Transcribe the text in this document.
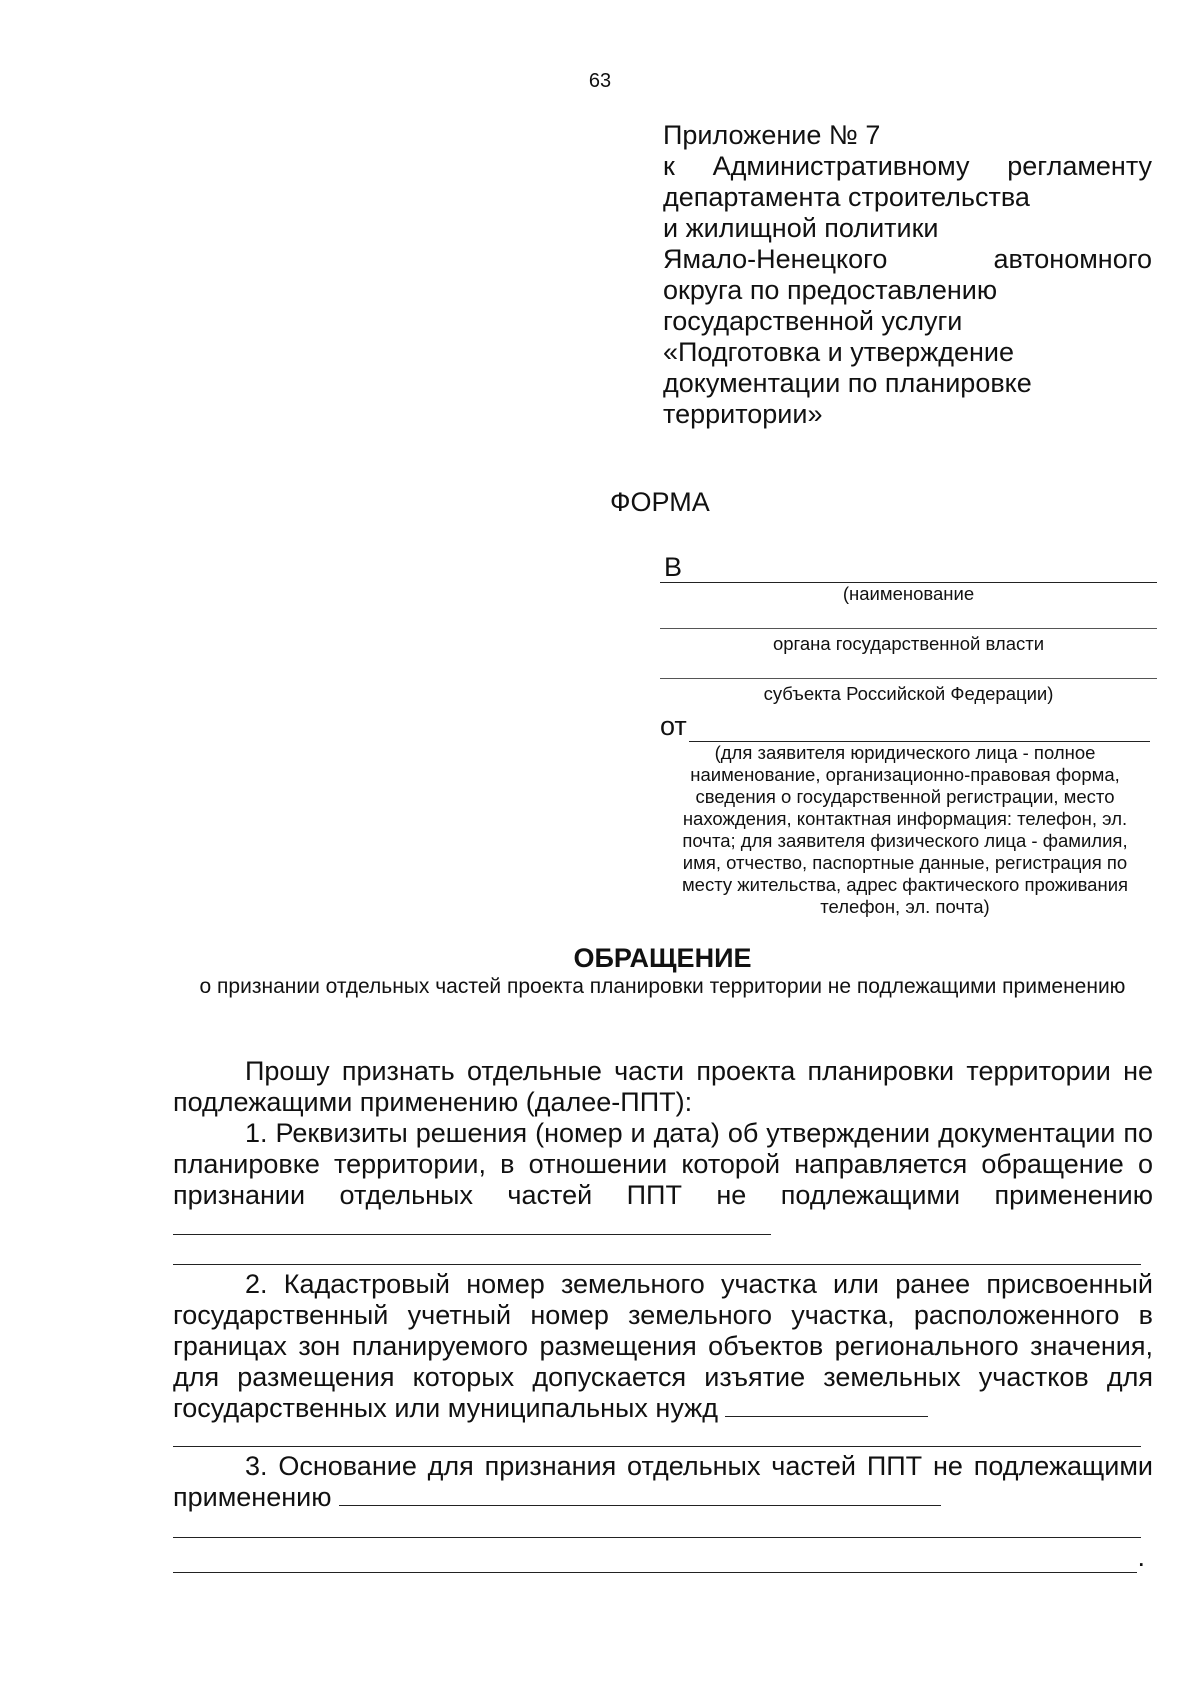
63
Приложение № 7
к Административному регламенту
департамента строительства
и жилищной политики
Ямало-Ненецкого автономного
округа по предоставлению
государственной услуги
«Подготовка и утверждение
документации по планировке
территории»
ФОРМА
В
(наименование
органа государственной власти
субъекта Российской Федерации)
от
(для заявителя юридического лица - полное
наименование, организационно-правовая форма,
сведения о государственной регистрации, место
нахождения, контактная информация: телефон, эл.
почта; для заявителя физического лица - фамилия,
имя, отчество, паспортные данные, регистрация по
месту жительства, адрес фактического проживания
телефон, эл. почта)
ОБРАЩЕНИЕ
о признании отдельных частей проекта планировки территории не подлежащими применению
Прошу признать отдельные части проекта планировки территории не подлежащими применению (далее-ППТ):
1. Реквизиты решения (номер и дата) об утверждении документации по планировке территории, в отношении которой направляется обращение о признании отдельных частей ППТ не подлежащими применению
2. Кадастровый номер земельного участка или ранее присвоенный государственный учетный номер земельного участка, расположенного в границах зон планируемого размещения объектов регионального значения, для размещения которых допускается изъятие земельных участков для государственных или муниципальных нужд
3. Основание для признания отдельных частей ППТ не подлежащими применению
.
